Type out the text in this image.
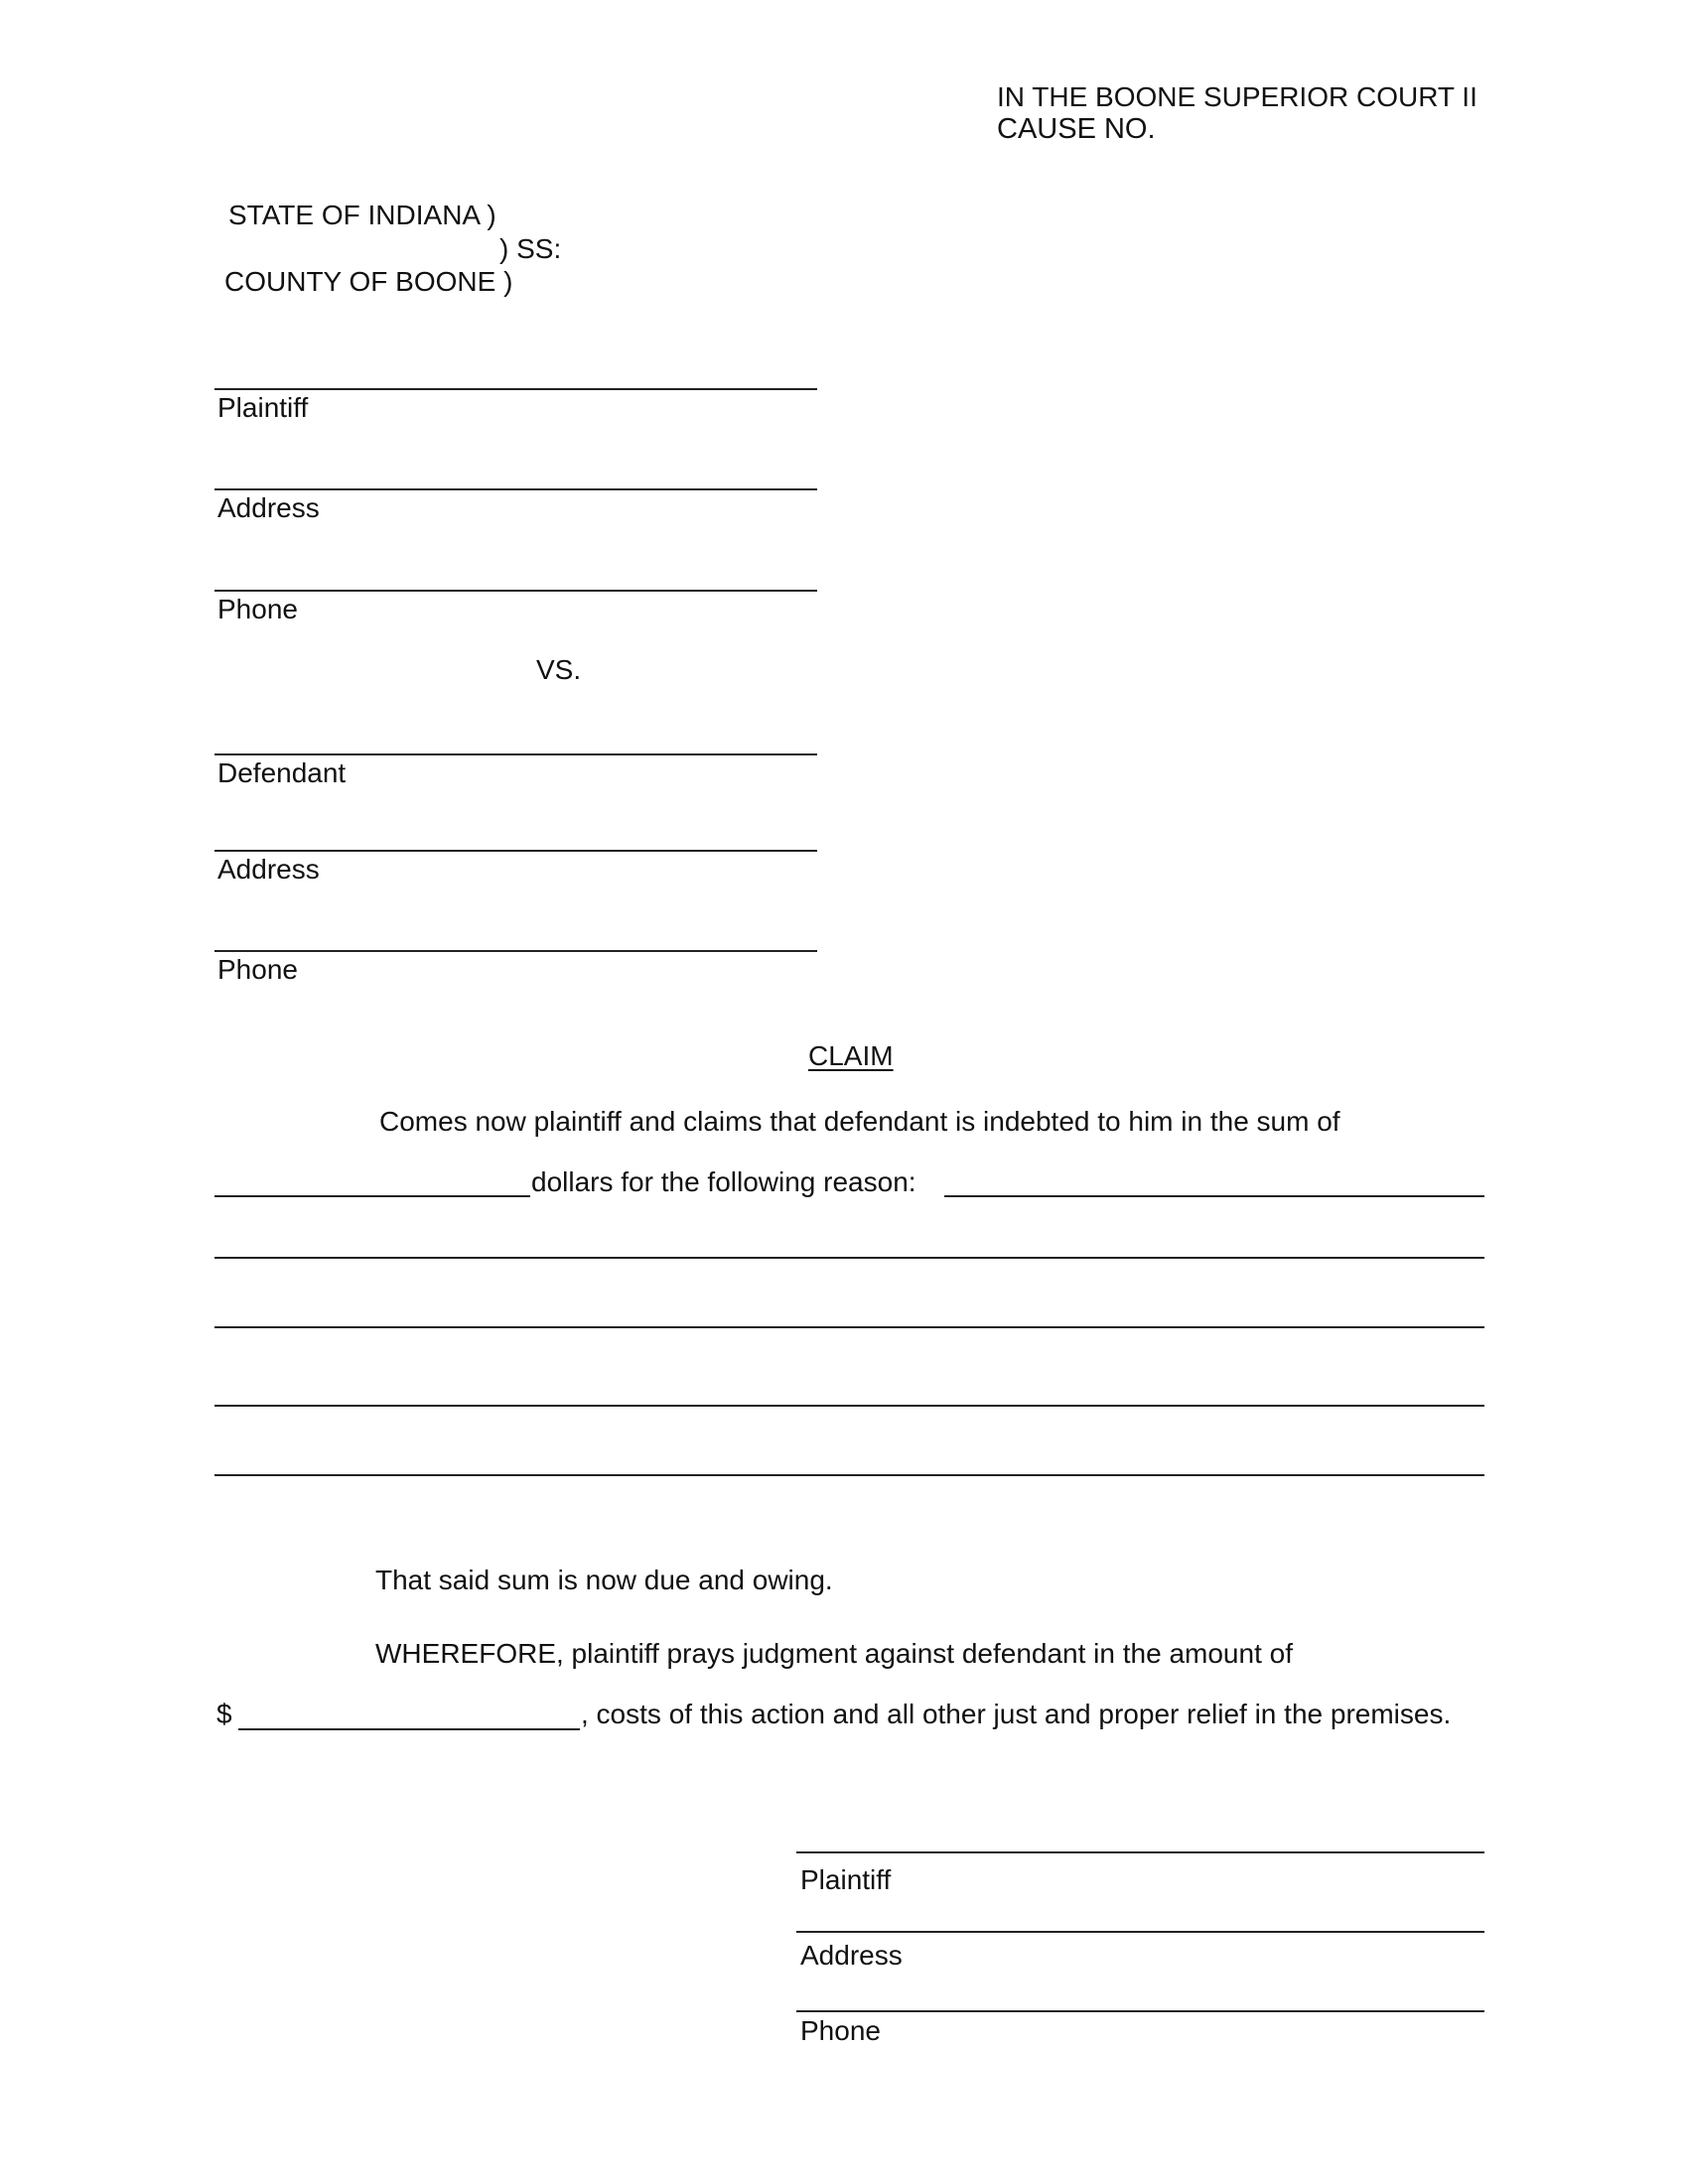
IN THE BOONE SUPERIOR COURT II
CAUSE NO.
STATE OF INDIANA )
) SS:
COUNTY OF BOONE )
Plaintiff
Address
Phone
VS.
Defendant
Address
Phone
CLAIM
Comes now plaintiff and claims that defendant is indebted to him in the sum of
dollars for the following reason:
That said sum is now due and owing.
WHEREFORE, plaintiff prays judgment against defendant in the amount of
$	, costs of this action and all other just and proper relief in the premises.
Plaintiff
Address
Phone
